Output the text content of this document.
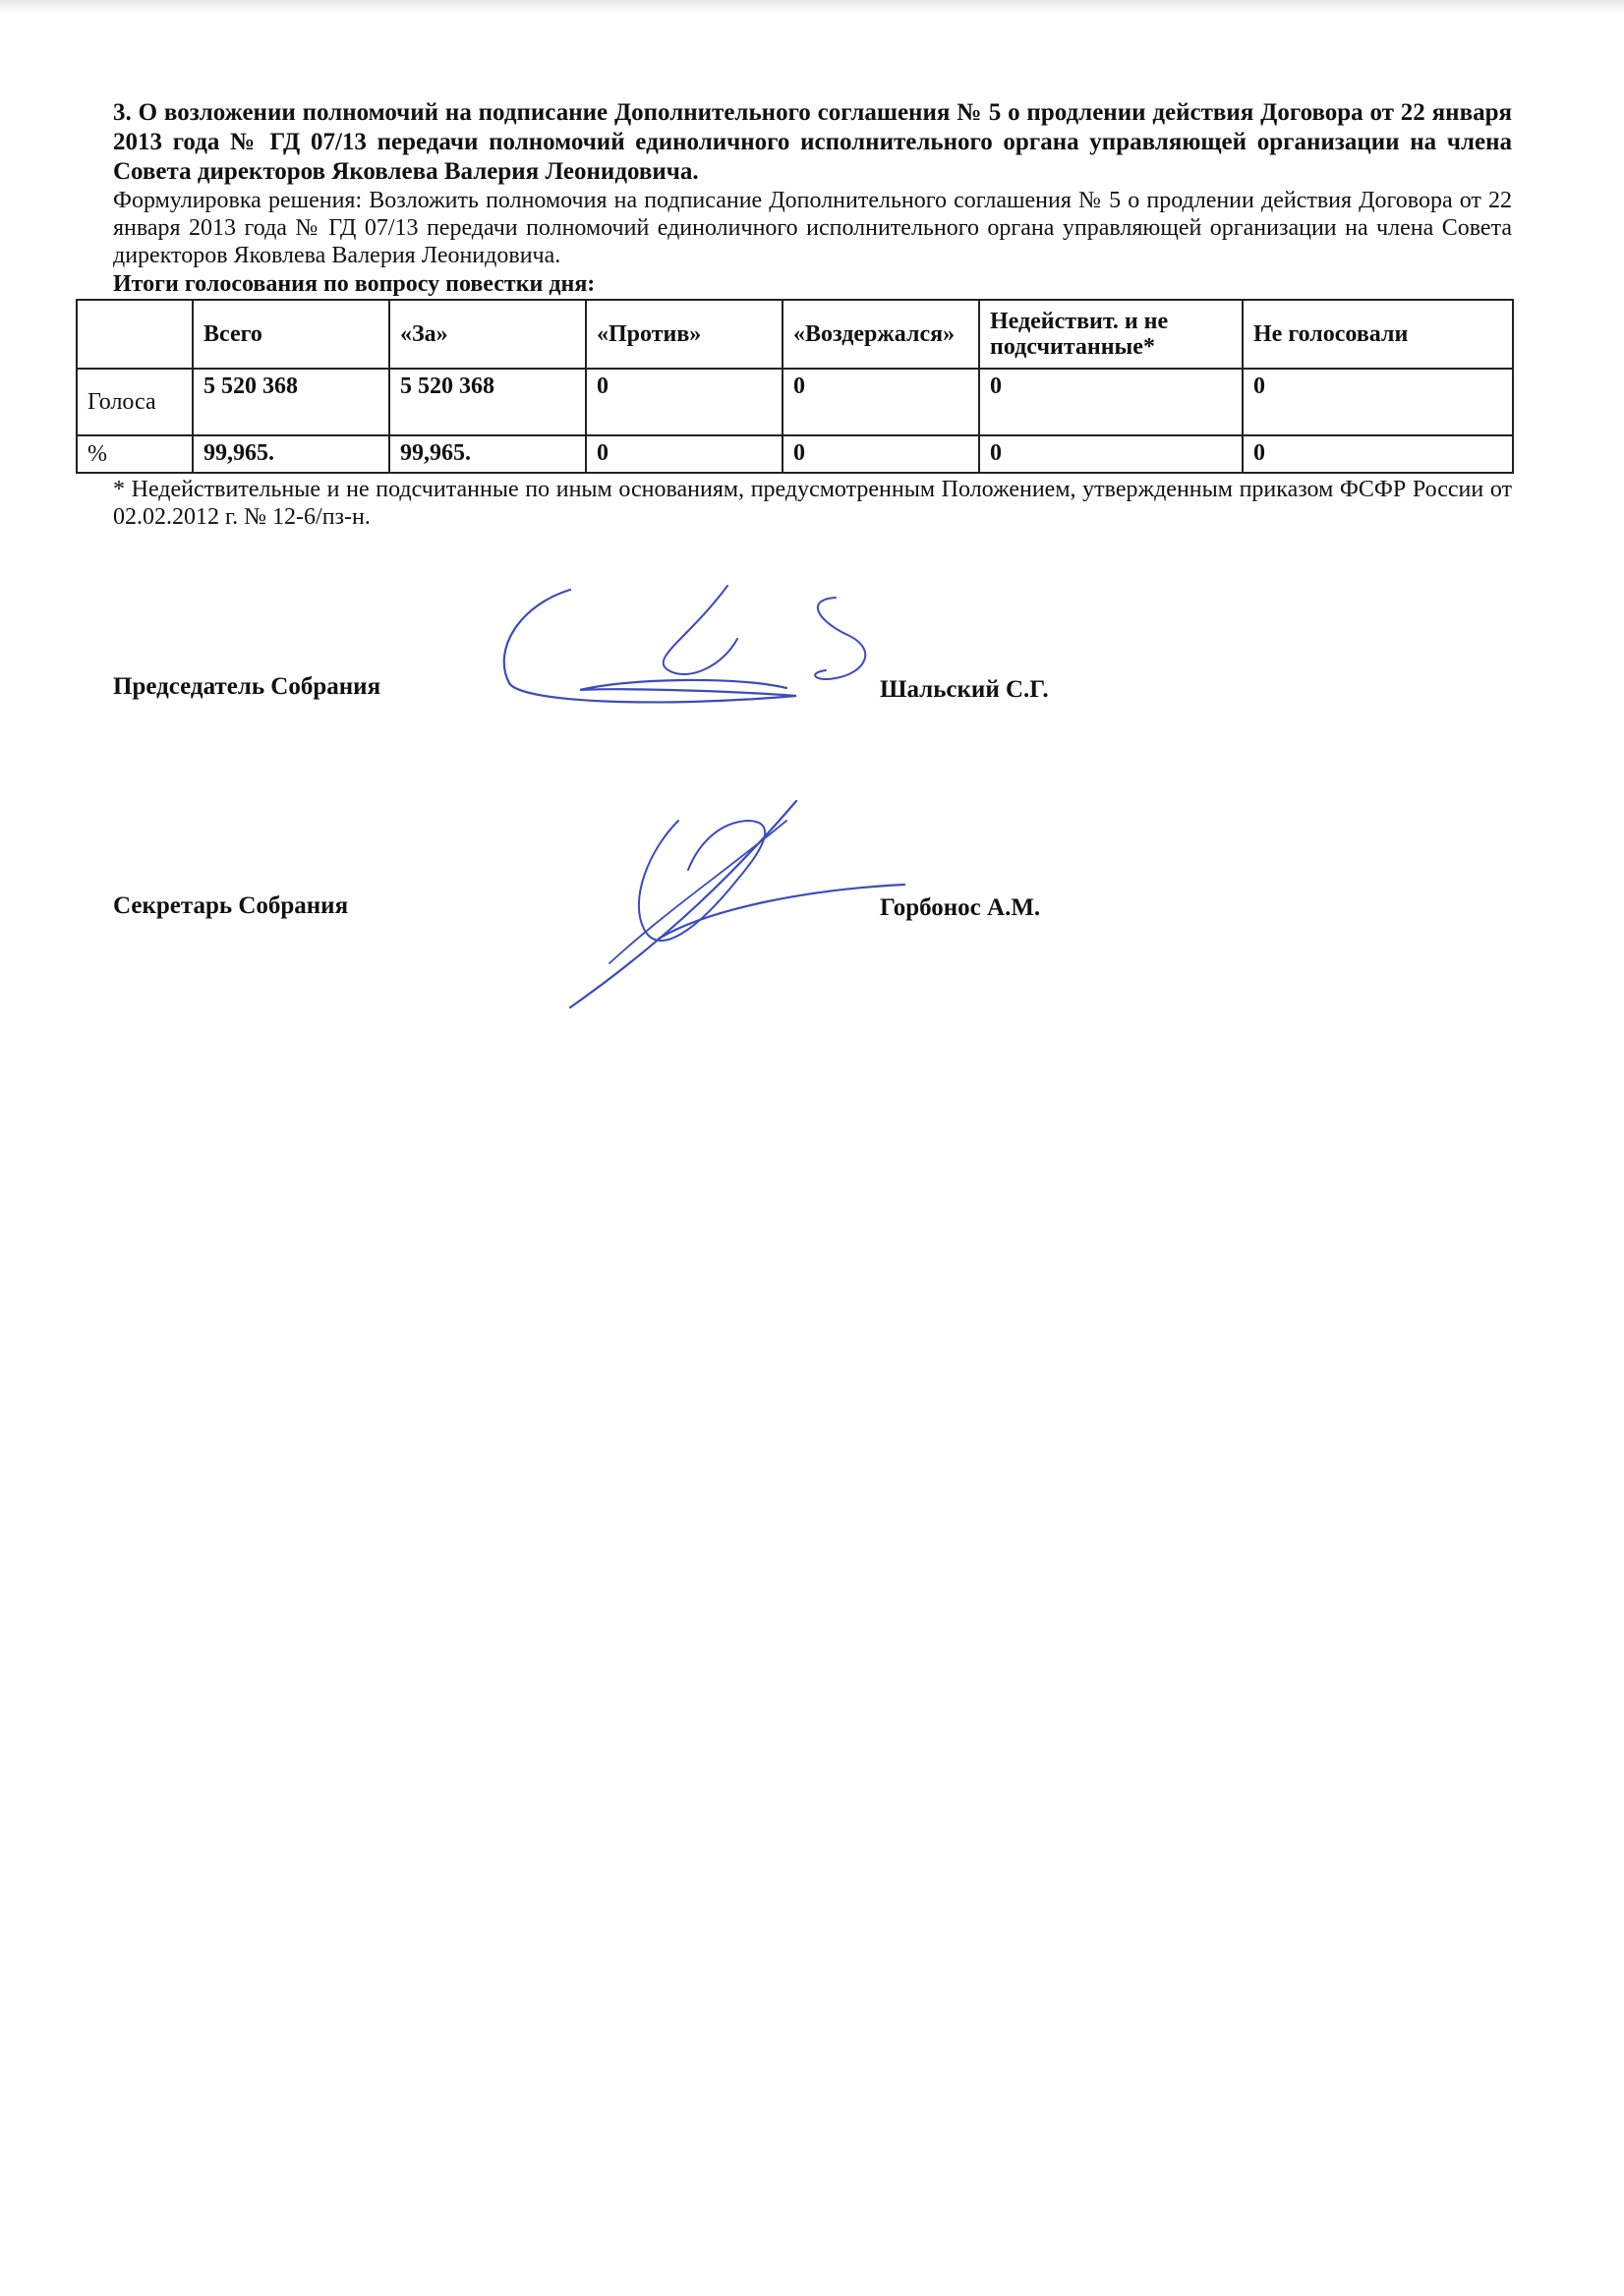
3. О возложении полномочий на подписание Дополнительного соглашения № 5 о продлении действия Договора от 22 января 2013 года № ГД 07/13 передачи полномочий единоличного исполнительного органа управляющей организации на члена Совета директоров Яковлева Валерия Леонидовича.

Формулировка решения: Возложить полномочия на подписание Дополнительного соглашения № 5 о продлении действия Договора от 22 января 2013 года № ГД 07/13 передачи полномочий единоличного исполнительного органа управляющей организации на члена Совета директоров Яковлева Валерия Леонидовича.

Итоги голосования по вопросу повестки дня:

	Всего	«За»	«Против»	«Воздержался»	Недействит. и не подсчитанные*	Не голосовали
Голоса	5 520 368	5 520 368	0	0	0	0
%	99,965.	99,965.	0	0	0	0

* Недействительные и не подсчитанные по иным основаниям, предусмотренным Положением, утвержденным приказом ФСФР России от 02.02.2012 г. № 12-6/пз-н.

Председатель Собрания	Шальский С.Г.
Секретарь Собрания	Горбонос А.М.
